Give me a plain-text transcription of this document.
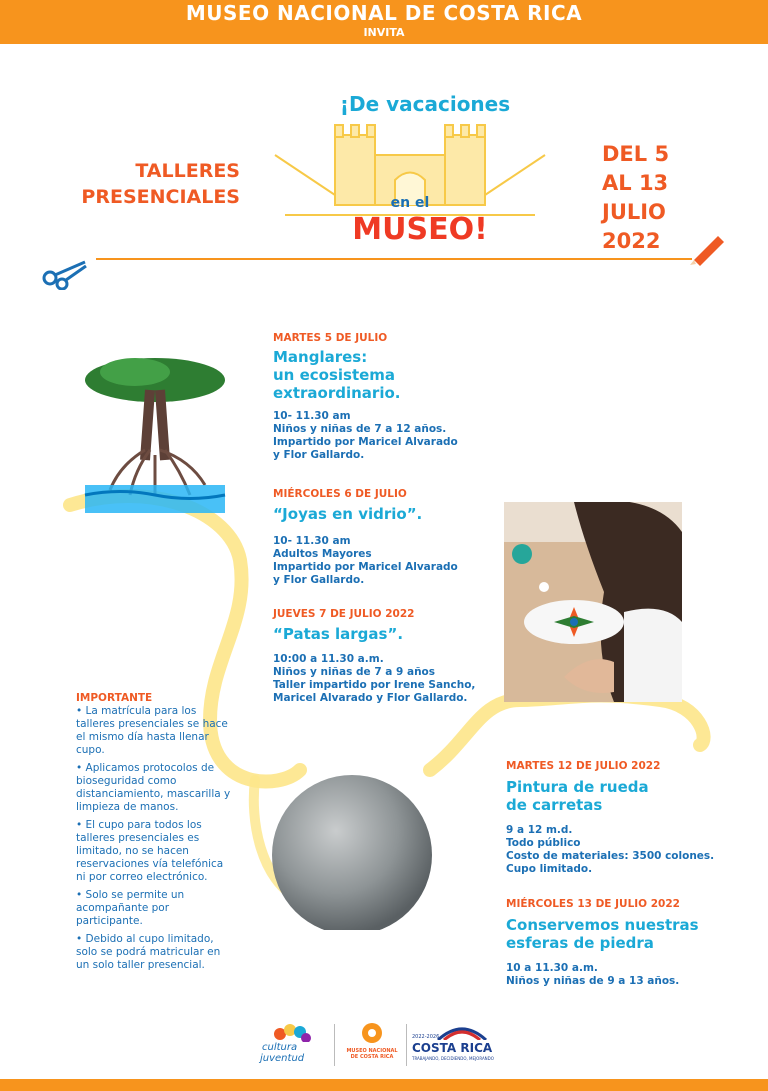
MUSEO NACIONAL DE COSTA RICA
INVITA
TALLERES
PRESENCIALES
¡De vacaciones
en el
MUSEO!
DEL 5
AL 13
JULIO
2022
MARTES 5 DE JULIO
Manglares:
un ecosistema
extraordinario.
10- 11.30 am
Niños y niñas de 7 a 12 años.
Impartido por Maricel Alvarado
y Flor Gallardo.
MIÉRCOLES 6 DE JULIO
“Joyas en vidrio”.
10- 11.30 am
Adultos Mayores
Impartido por Maricel Alvarado
y Flor Gallardo.
JUEVES 7 DE JULIO 2022
“Patas largas”.
10:00 a 11.30 a.m.
Niños y niñas de 7 a 9 años
Taller impartido por Irene Sancho,
Maricel Alvarado y Flor Gallardo.
IMPORTANTE

• La matrícula para los talleres presenciales se hace el mismo día hasta llenar cupo.

• Aplicamos protocolos de bioseguridad como distanciamiento, mascarilla y limpieza de manos.

• El cupo para todos los talleres presenciales es limitado, no se hacen reservaciones vía telefónica ni por correo electrónico.

• Solo se permite un acompañante por participante.

• Debido al cupo limitado, solo se podrá matricular en un solo taller presencial.

MARTES 12 DE JULIO 2022
Pintura de rueda
de carretas
9 a 12 m.d.
Todo público
Costo de materiales: 3500 colones.
Cupo limitado.
MIÉRCOLES 13 DE JULIO 2022
Conservemos nuestras
esferas de piedra
10 a 11.30 a.m.
Niños y niñas de 9 a 13 años.
cultura
juventud
MUSEO NACIONAL
DE COSTA RICA
2022-2026
COSTA RICA
TRABAJANDO, DECIDIENDO, MEJORANDO
